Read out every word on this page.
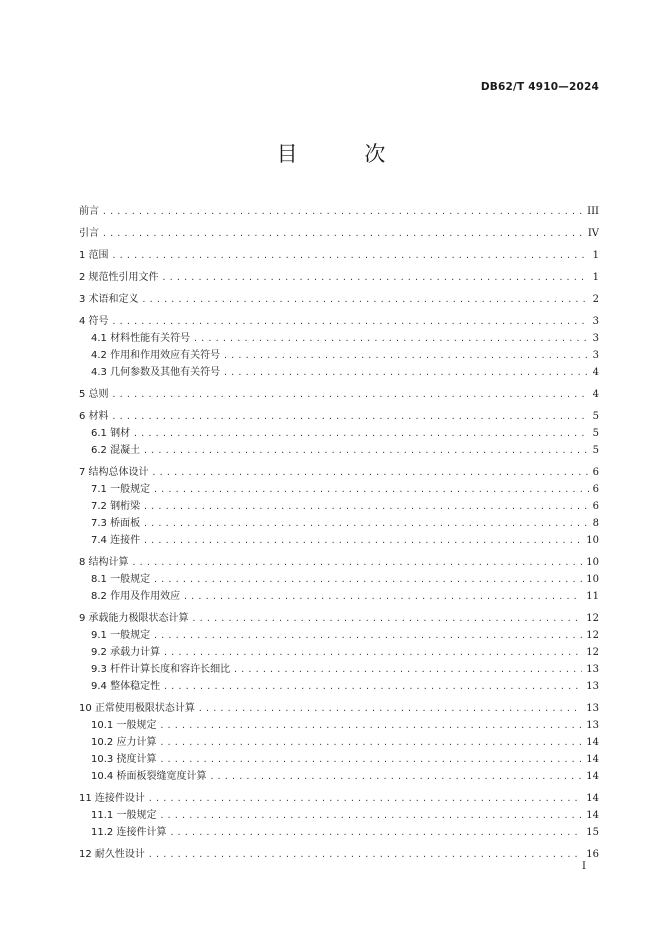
DB62/T 4910—2024
目 次
前言 .....	III
引言 .....	IV
1 范围 .....	1
2 规范性引用文件 .....	1
3 术语和定义 .....	2
4 符号 .....	3
4.1 材料性能有关符号 .....	3
4.2 作用和作用效应有关符号 .....	3
4.3 几何参数及其他有关符号 .....	4
5 总则 .....	4
6 材料 .....	5
6.1 钢材 .....	5
6.2 混凝土 .....	5
7 结构总体设计 .....	6
7.1 一般规定 .....	6
7.2 钢桁梁 .....	6
7.3 桥面板 .....	8
7.4 连接件 .....	10
8 结构计算 .....	10
8.1 一般规定 .....	10
8.2 作用及作用效应 .....	11
9 承载能力极限状态计算 .....	12
9.1 一般规定 .....	12
9.2 承载力计算 .....	12
9.3 杆件计算长度和容许长细比 .....	13
9.4 整体稳定性 .....	13
10 正常使用极限状态计算 .....	13
10.1 一般规定 .....	13
10.2 应力计算 .....	14
10.3 挠度计算 .....	14
10.4 桥面板裂缝宽度计算 .....	14
11 连接件设计 .....	14
11.1 一般规定 .....	14
11.2 连接件计算 .....	15
12 耐久性设计 .....	16
I
